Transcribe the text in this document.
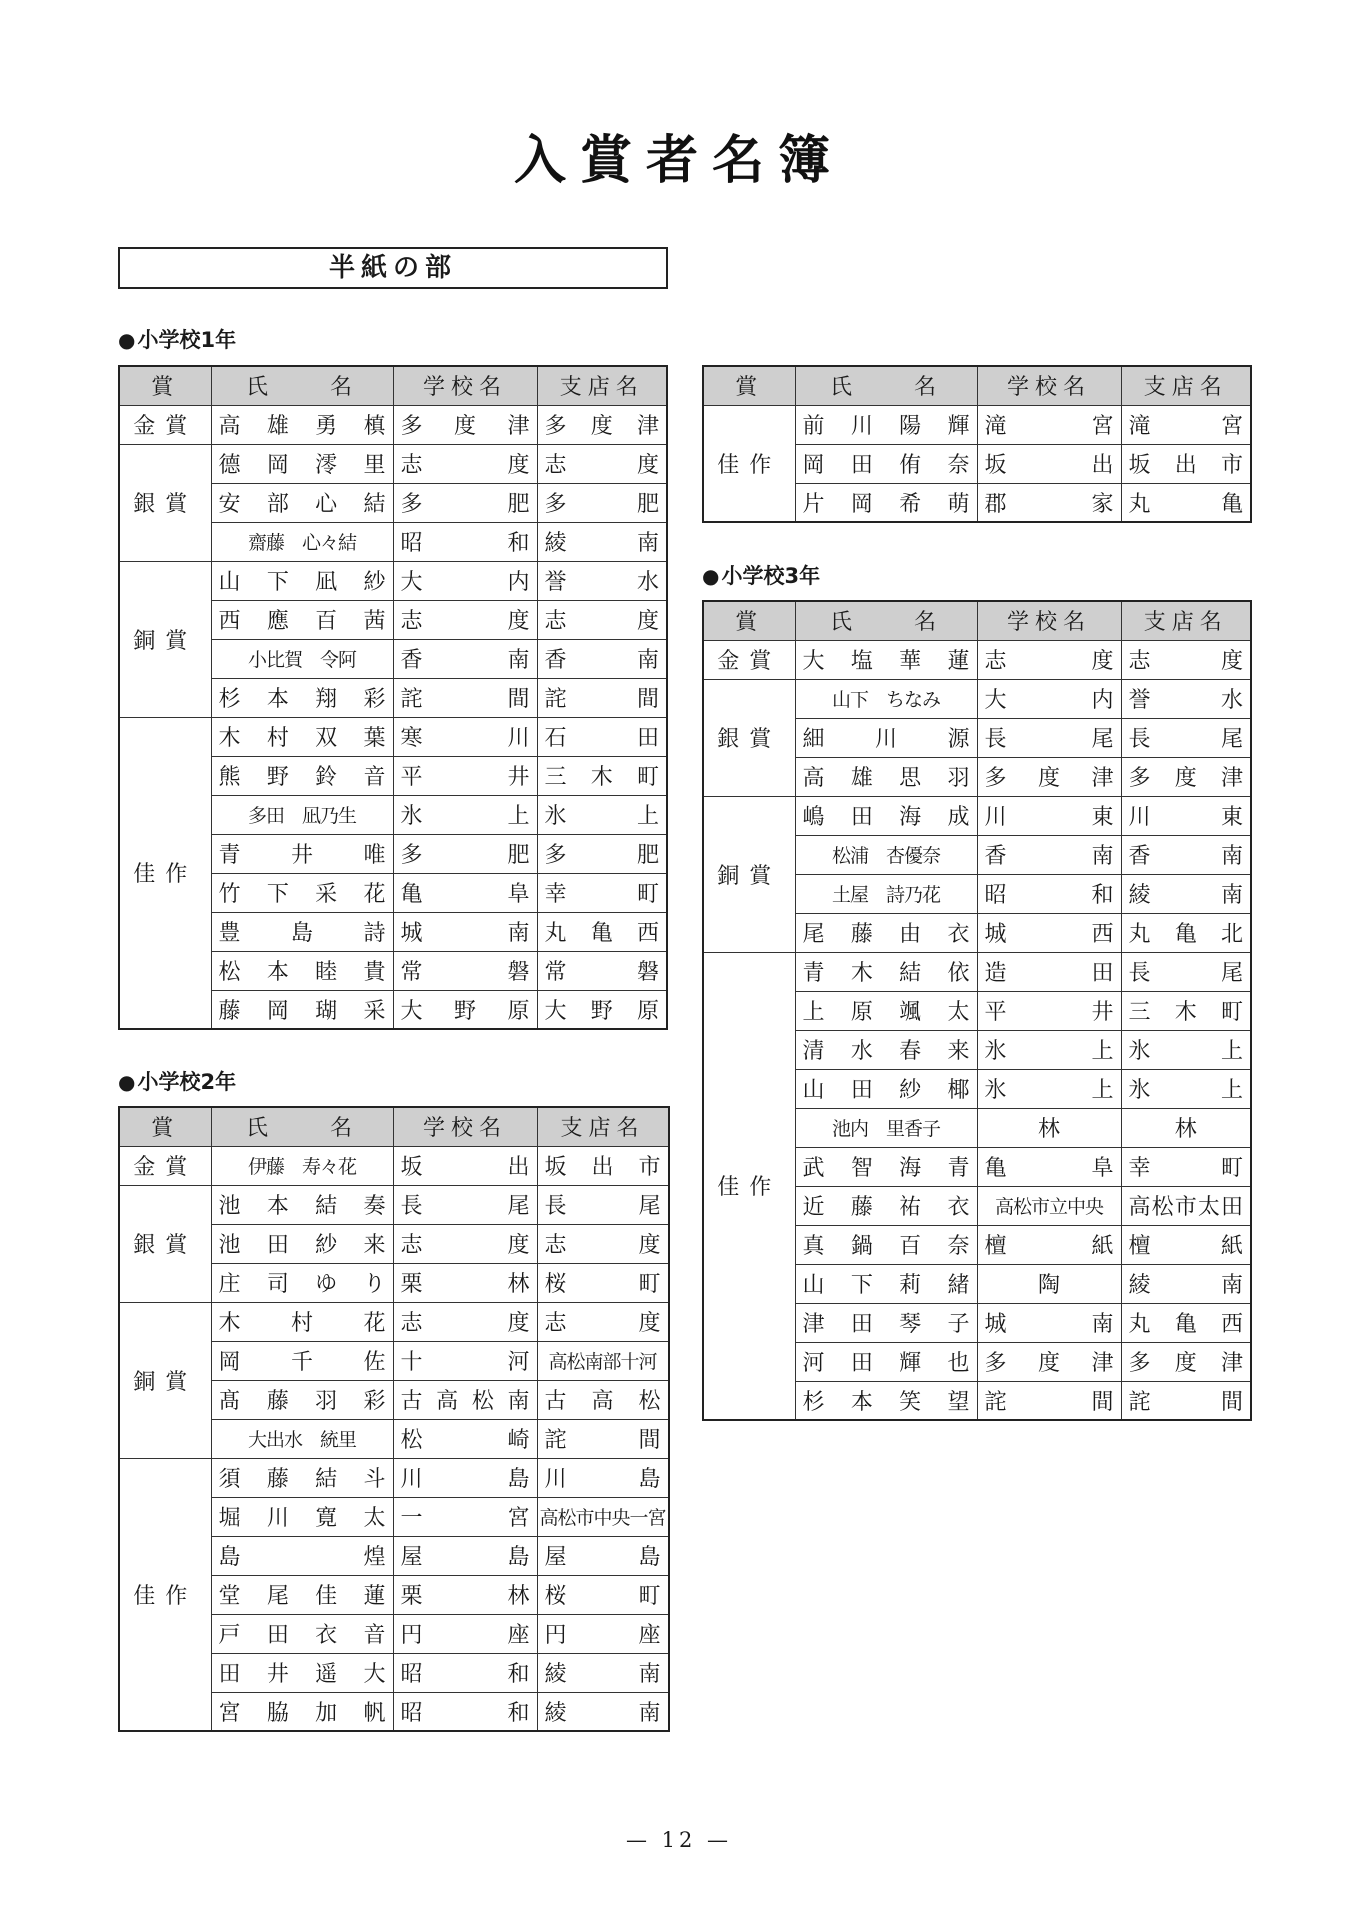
入賞者名簿
半紙の部
●小学校1年
●小学校2年
●小学校3年
賞	氏　　名	学校名	支店名
金賞	高雄勇槙	多度津	多度津
銀賞	德岡澪里	志度	志度
	安部心結	多肥	多肥
	齋藤　心々結	昭和	綾南
銅賞	山下凪紗	大内	誉水
	西應百茜	志度	志度
	小比賀　令阿	香南	香南
	杉本翔彩	詫間	詫間
佳作	木村双葉	寒川	石田
	熊野鈴音	平井	三木町
	多田　凪乃生	氷上	氷上
	青井唯	多肥	多肥
	竹下采花	亀阜	幸町
	豊島詩	城南	丸亀西
	松本睦貴	常磐	常磐
	藤岡瑚采	大野原	大野原
賞	氏　　名	学校名	支店名
佳作	前川陽輝	滝宮	滝宮
	岡田侑奈	坂出	坂出市
	片岡希萌	郡家	丸亀
賞	氏　　名	学校名	支店名
金賞	伊藤　寿々花	坂出	坂出市
銀賞	池本結奏	長尾	長尾
	池田紗来	志度	志度
	庄司ゆり	栗林	桜町
銅賞	木村花	志度	志度
	岡千佐	十河	高松南部十河
	髙藤羽彩	古高松南	古高松
	大出水　統里	松崎	詫間
佳作	須藤結斗	川島	川島
	堀川寛太	一宮	高松市中央一宮
	島煌	屋島	屋島
	堂尾佳蓮	栗林	桜町
	戸田衣音	円座	円座
	田井遥大	昭和	綾南
	宮脇加帆	昭和	綾南
賞	氏　　名	学校名	支店名
金賞	大塩華蓮	志度	志度
銀賞	山下　ちなみ	大内	誉水
	細川源	長尾	長尾
	高雄思羽	多度津	多度津
銅賞	嶋田海成	川東	川東
	松浦　杏優奈	香南	香南
	土屋　詩乃花	昭和	綾南
	尾藤由衣	城西	丸亀北
佳作	青木結依	造田	長尾
	上原颯太	平井	三木町
	清水春来	氷上	氷上
	山田紗椰	氷上	氷上
	池内　里香子	林	林
	武智海青	亀阜	幸町
	近藤祐衣	高松市立中央	高松市太田
	真鍋百奈	檀紙	檀紙
	山下莉緒	陶	綾南
	津田琴子	城南	丸亀西
	河田輝也	多度津	多度津
	杉本笑望	詫間	詫間
— 12 —
